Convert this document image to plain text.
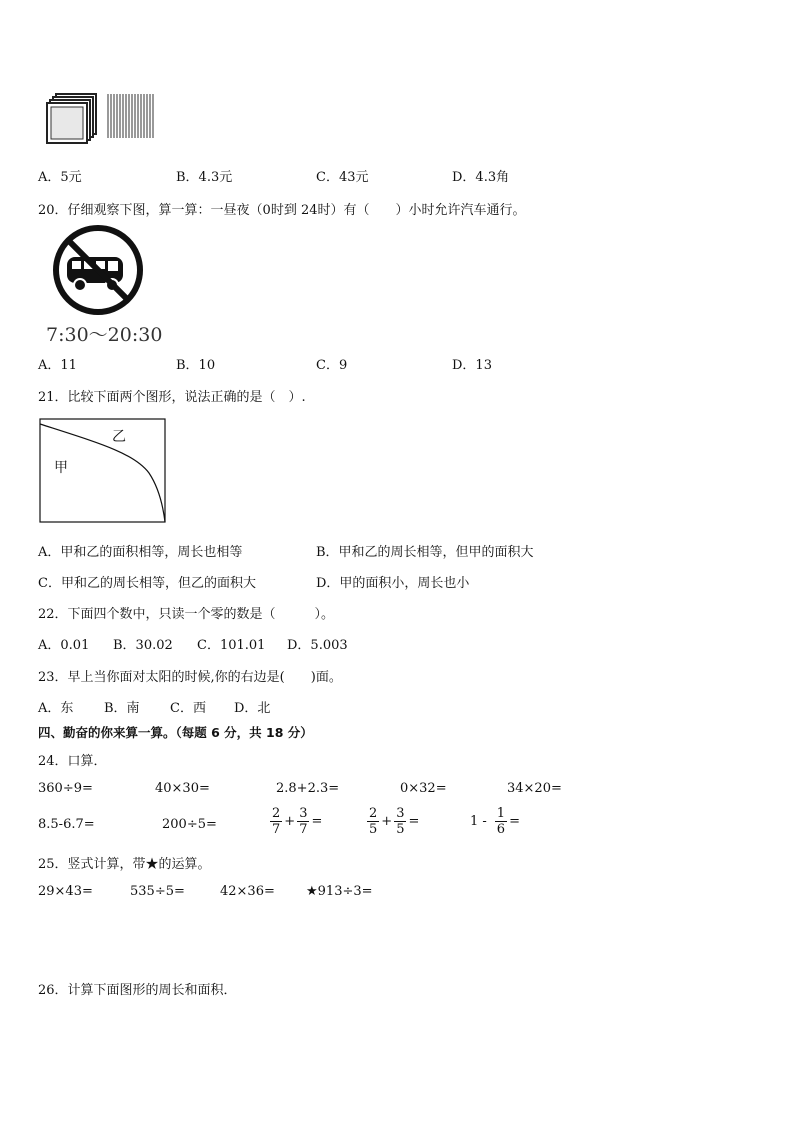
A．5元	B．4.3元	C．43元	D．4.3角
20．仔细观察下图，算一算：一昼夜（0时到 24时）有（　　）小时允许汽车通行。
7:30～20:30
A．11	B．10	C．9	D．13
21．比较下面两个图形，说法正确的是（　）.
乙
甲
A．甲和乙的面积相等，周长也相等	B．甲和乙的周长相等，但甲的面积大
C．甲和乙的周长相等，但乙的面积大	D．甲的面积小，周长也小
22．下面四个数中，只读一个零的数是（　　　）。
A．0.01 B．30.02 C．101.01 D．5.003
23．早上当你面对太阳的时候,你的右边是(　　)面。
A．东 B．南 C．西 D．北
四、勤奋的你来算一算。（每题 6 分，共 18 分）
24．口算．
360÷9=	40×30=	2.8+2.3=	0×32=	34×20=
8.5-6.7=	200÷5=	$\frac{2}{7} + \frac{3}{7}$ =	$\frac{2}{5} + \frac{3}{5}$ =	$1 - \frac{1}{6}$ =
25．竖式计算，带★的运算。
29×43=	535÷5=	42×36= ★913÷3=
26．计算下面图形的周长和面积．
